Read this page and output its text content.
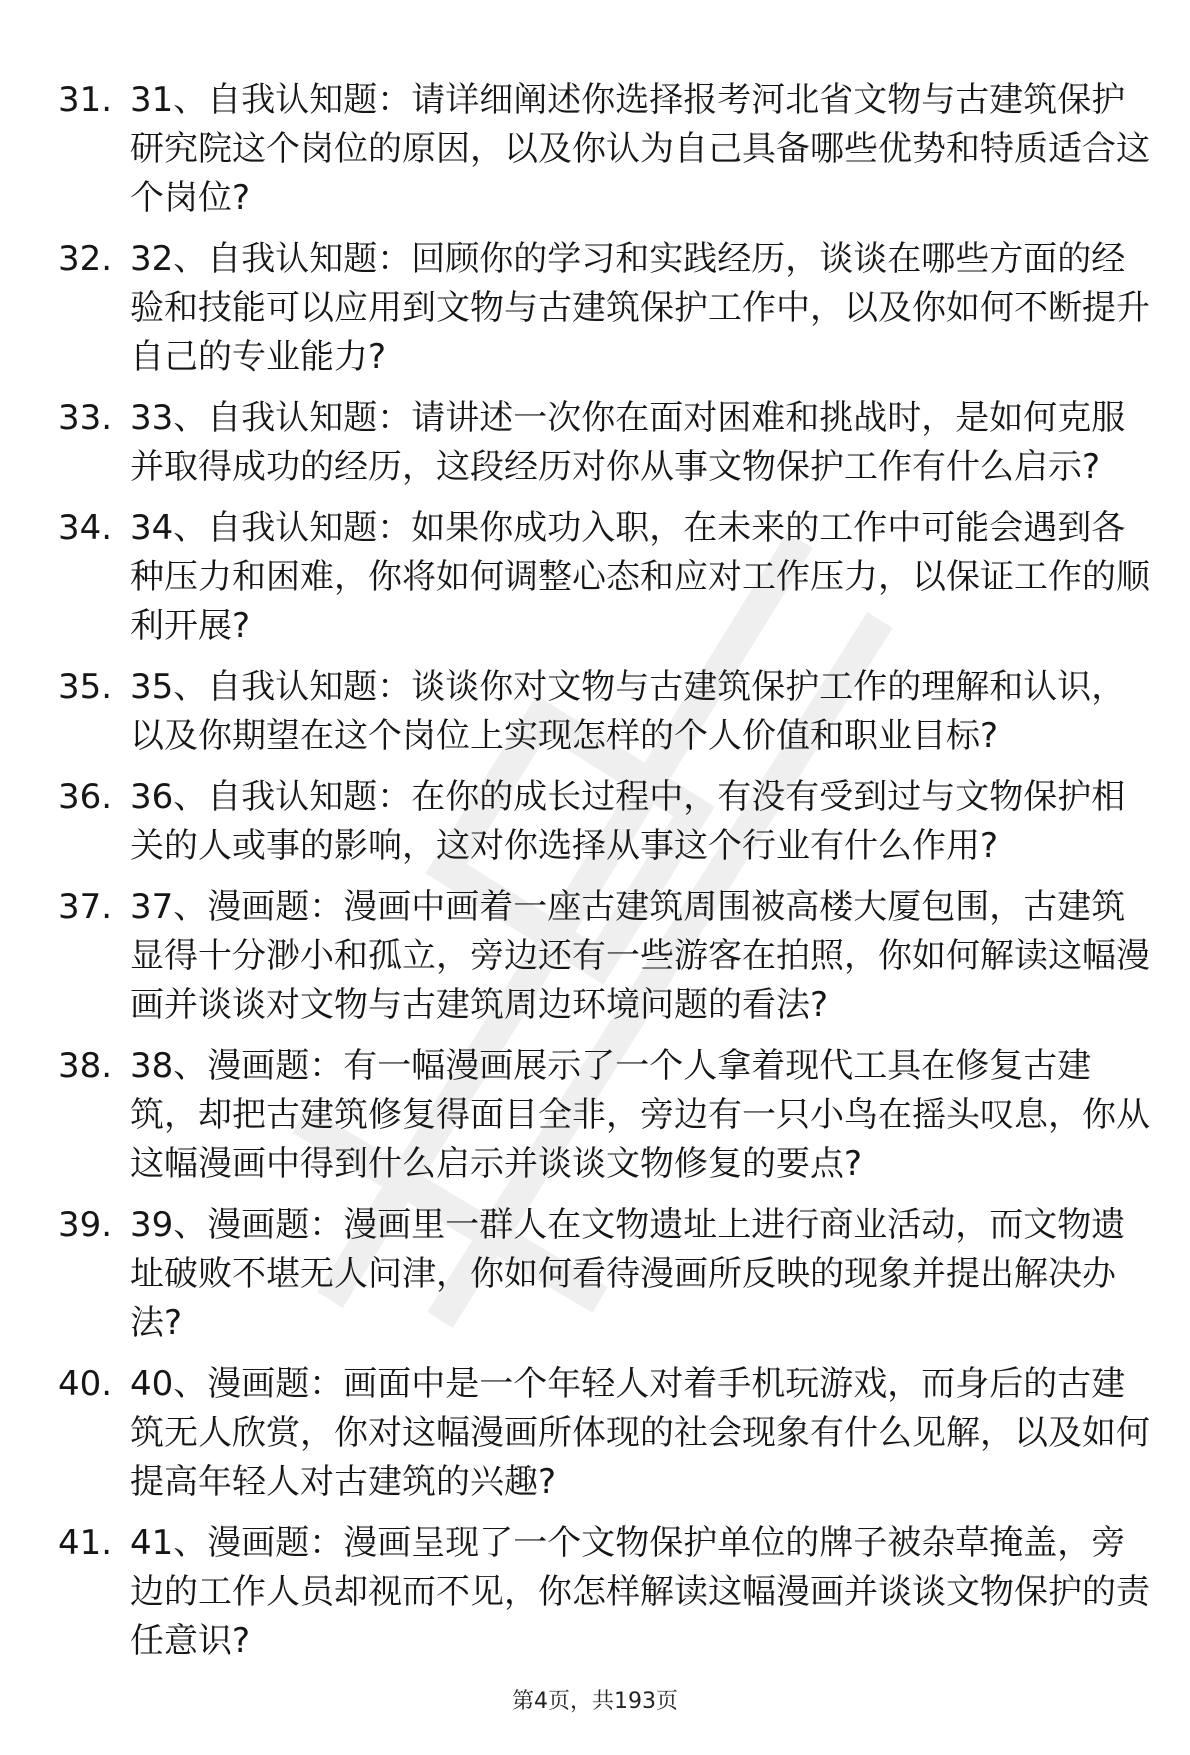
31. 31、自我认知题：请详细阐述你选择报考河北省文物与古建筑保护研究院这个岗位的原因，以及你认为自己具备哪些优势和特质适合这个岗位?
32. 32、自我认知题：回顾你的学习和实践经历，谈谈在哪些方面的经验和技能可以应用到文物与古建筑保护工作中，以及你如何不断提升自己的专业能力?
33. 33、自我认知题：请讲述一次你在面对困难和挑战时，是如何克服并取得成功的经历，这段经历对你从事文物保护工作有什么启示?
34. 34、自我认知题：如果你成功入职，在未来的工作中可能会遇到各种压力和困难，你将如何调整心态和应对工作压力，以保证工作的顺利开展?
35. 35、自我认知题：谈谈你对文物与古建筑保护工作的理解和认识，以及你期望在这个岗位上实现怎样的个人价值和职业目标?
36. 36、自我认知题：在你的成长过程中，有没有受到过与文物保护相关的人或事的影响，这对你选择从事这个行业有什么作用?
37. 37、漫画题：漫画中画着一座古建筑周围被高楼大厦包围，古建筑显得十分渺小和孤立，旁边还有一些游客在拍照，你如何解读这幅漫画并谈谈对文物与古建筑周边环境问题的看法?
38. 38、漫画题：有一幅漫画展示了一个人拿着现代工具在修复古建筑，却把古建筑修复得面目全非，旁边有一只小鸟在摇头叹息，你从这幅漫画中得到什么启示并谈谈文物修复的要点?
39. 39、漫画题：漫画里一群人在文物遗址上进行商业活动，而文物遗址破败不堪无人问津，你如何看待漫画所反映的现象并提出解决办法?
40. 40、漫画题：画面中是一个年轻人对着手机玩游戏，而身后的古建筑无人欣赏，你对这幅漫画所体现的社会现象有什么见解，以及如何提高年轻人对古建筑的兴趣?
41. 41、漫画题：漫画呈现了一个文物保护单位的牌子被杂草掩盖，旁边的工作人员却视而不见，你怎样解读这幅漫画并谈谈文物保护的责任意识?
第4页，共193页
